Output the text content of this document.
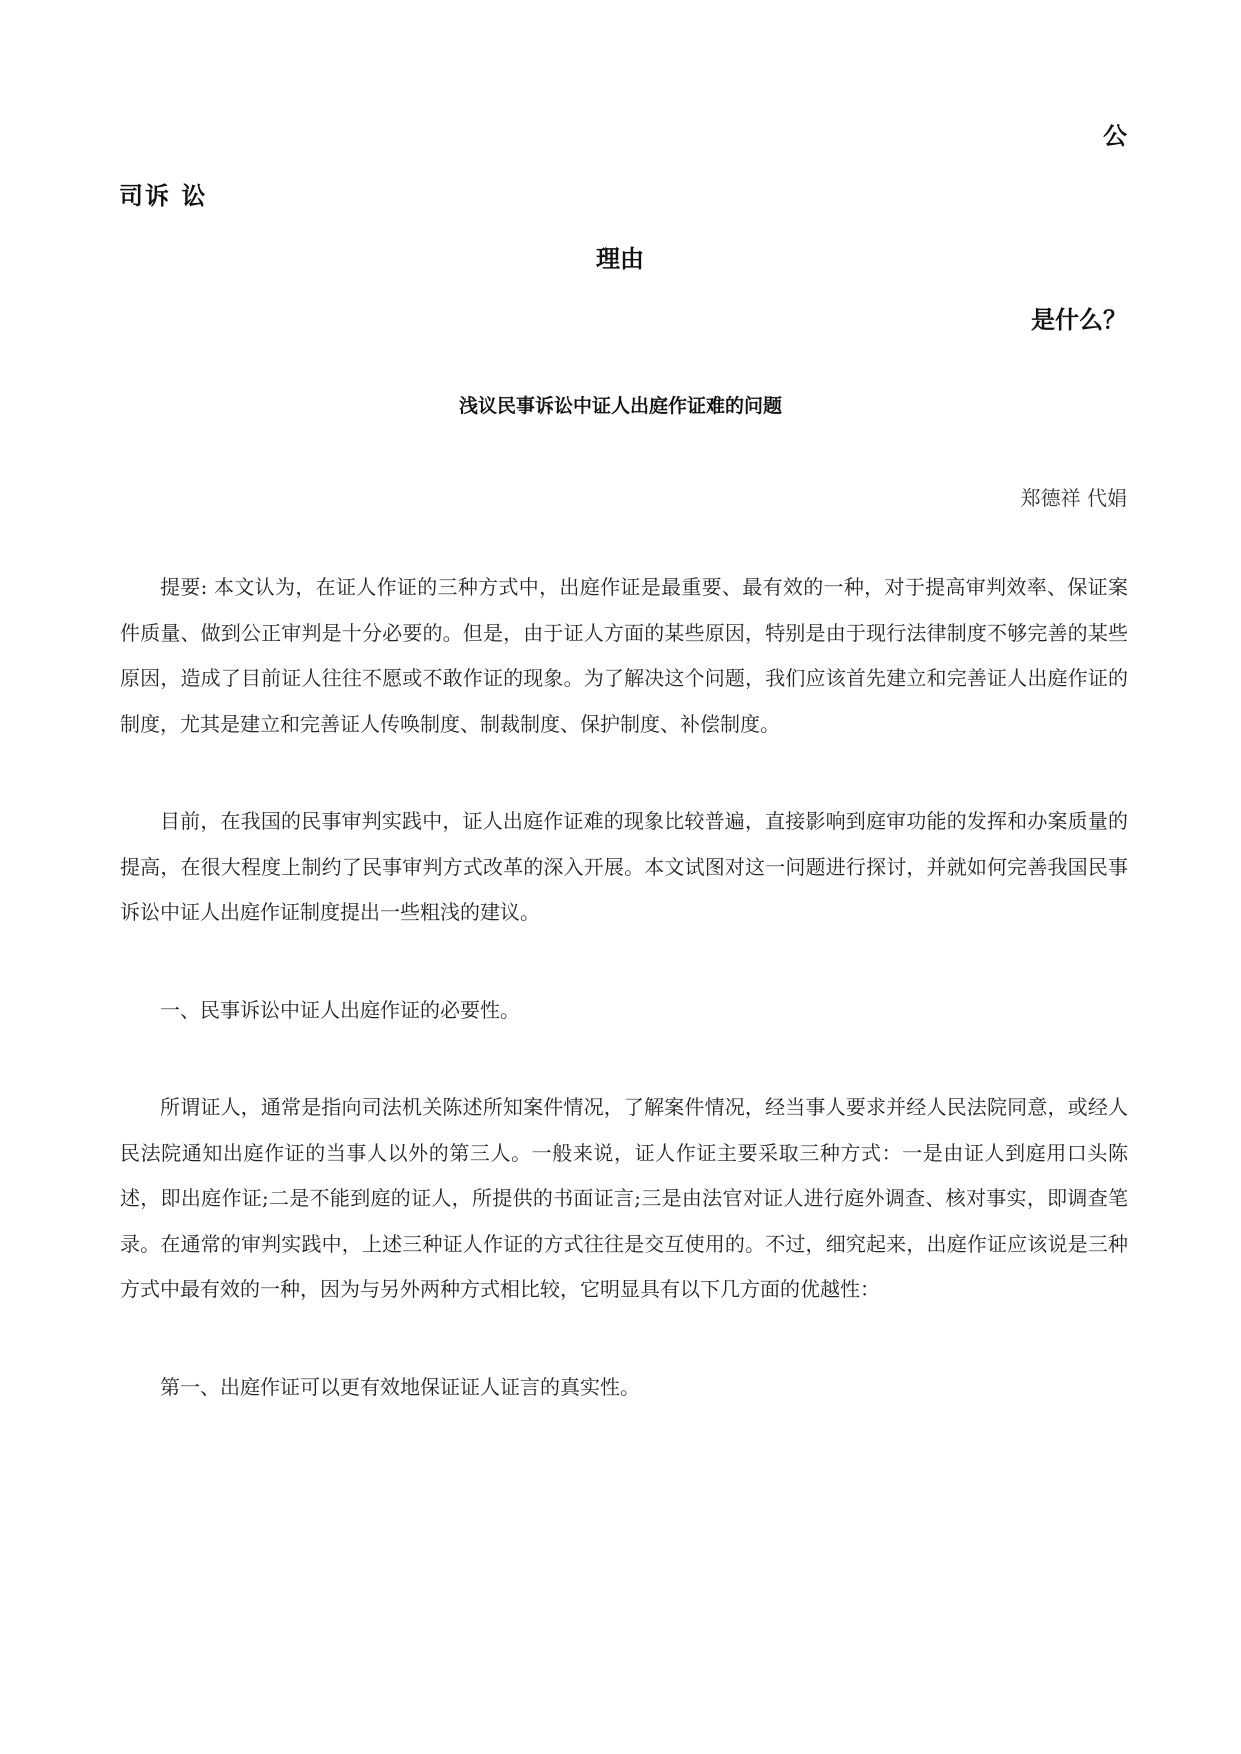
公
司诉 讼
理由
是什么？
浅议民事诉讼中证人出庭作证难的问题
郑德祥 代娟

提要: 本文认为，在证人作证的三种方式中，出庭作证是最重要、最有效的一种，对于提高审判效率、保证案件质量、做到公正审判是十分必要的。但是，由于证人方面的某些原因，特别是由于现行法律制度不够完善的某些原因，造成了目前证人往往不愿或不敢作证的现象。为了解决这个问题，我们应该首先建立和完善证人出庭作证的制度，尤其是建立和完善证人传唤制度、制裁制度、保护制度、补偿制度。

目前，在我国的民事审判实践中，证人出庭作证难的现象比较普遍，直接影响到庭审功能的发挥和办案质量的提高，在很大程度上制约了民事审判方式改革的深入开展。本文试图对这一问题进行探讨，并就如何完善我国民事诉讼中证人出庭作证制度提出一些粗浅的建议。

一、民事诉讼中证人出庭作证的必要性。

所谓证人，通常是指向司法机关陈述所知案件情况，了解案件情况，经当事人要求并经人民法院同意，或经人民法院通知出庭作证的当事人以外的第三人。一般来说，证人作证主要采取三种方式：一是由证人到庭用口头陈述，即出庭作证;二是不能到庭的证人，所提供的书面证言;三是由法官对证人进行庭外调查、核对事实，即调查笔录。在通常的审判实践中，上述三种证人作证的方式往往是交互使用的。不过，细究起来，出庭作证应该说是三种方式中最有效的一种，因为与另外两种方式相比较，它明显具有以下几方面的优越性：

第一、出庭作证可以更有效地保证证人证言的真实性。
